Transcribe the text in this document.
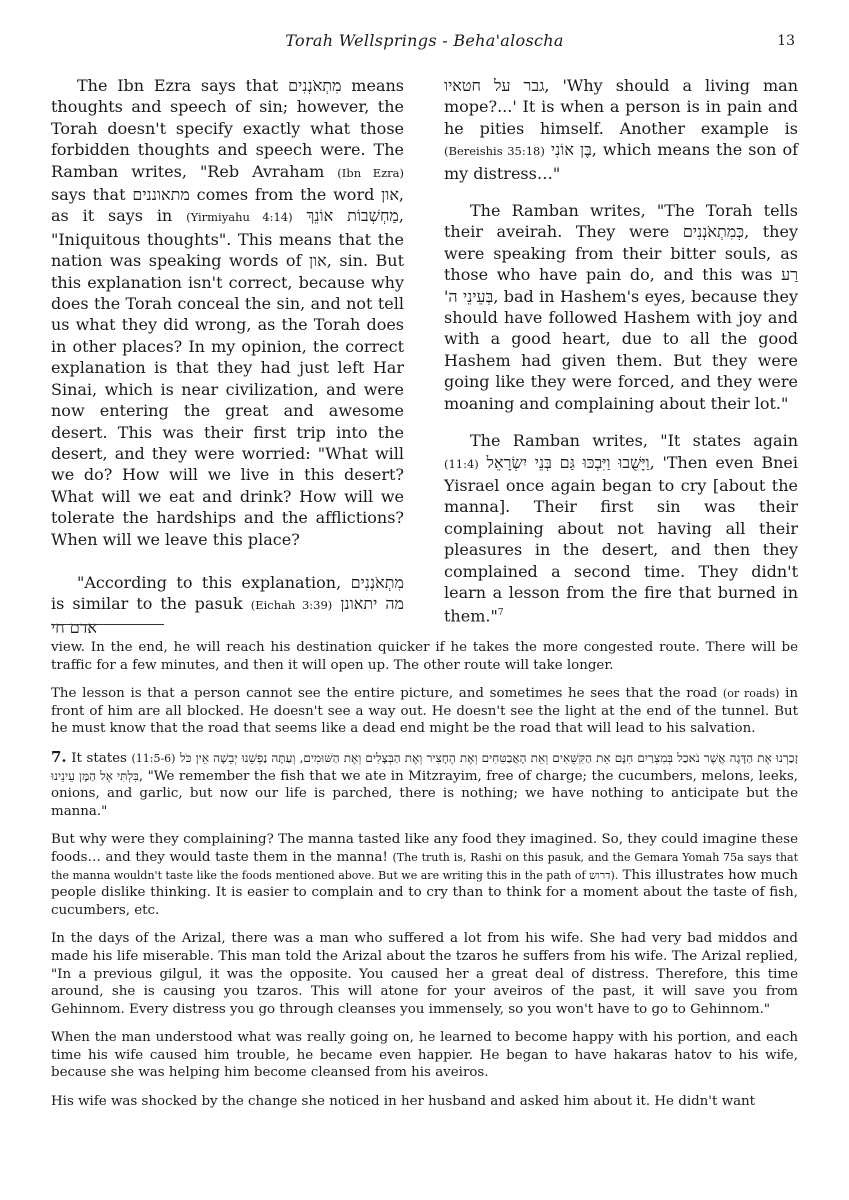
Torah Wellsprings - Beha'aloscha	13

The Ibn Ezra says that מִתְאֹנְנִים means thoughts and speech of sin; however, the Torah doesn't specify exactly what those forbidden thoughts and speech were. The Ramban writes, "Reb Avraham (Ibn Ezra) says that מתאוננים comes from the word און, as it says in (Yirmiyahu 4:14) מַחְשְׁבוֹת אוֹנֵךְ, "Iniquitous thoughts". This means that the nation was speaking words of און, sin. But this explanation isn't correct, because why does the Torah conceal the sin, and not tell us what they did wrong, as the Torah does in other places? In my opinion, the correct explanation is that they had just left Har Sinai, which is near civilization, and were now entering the great and awesome desert. This was their first trip into the desert, and they were worried: "What will we do? How will we live in this desert? What will we eat and drink? How will we tolerate the hardships and the afflictions? When will we leave this place?

"According to this explanation, מִתְאֹנְנִים is similar to the pasuk (Eichah 3:39) מה יתאונן אדם חי

גבר על חטאיו, 'Why should a living man mope?...' It is when a person is in pain and he pities himself. Another example is (Bereishis 35:18) בֶּן אוֹנִי, which means the son of my distress…"

The Ramban writes, "The Torah tells their aveirah. They were כְּמִתְאֹנְנִים, they were speaking from their bitter souls, as those who have pain do, and this was רַע בְּעֵינֵי ה', bad in Hashem's eyes, because they should have followed Hashem with joy and with a good heart, due to all the good Hashem had given them. But they were going like they were forced, and they were moaning and complaining about their lot."

The Ramban writes, "It states again (11:4) וַיָּשֻׁבוּ וַיִּבְכּוּ גַּם בְּנֵי יִשְׂרָאֵל, 'Then even Bnei Yisrael once again began to cry [about the manna]. Their first sin was their complaining about not having all their pleasures in the desert, and then they complained a second time. They didn't learn a lesson from the fire that burned in them."$^7$

view. In the end, he will reach his destination quicker if he takes the more congested route. There will be traffic for a few minutes, and then it will open up. The other route will take longer.

The lesson is that a person cannot see the entire picture, and sometimes he sees that the road (or roads) in front of him are all blocked. He doesn't see a way out. He doesn't see the light at the end of the tunnel. But he must know that the road that seems like a dead end might be the road that will lead to his salvation.

7. It states (11:5-6) זָכַרְנוּ אֶת הַדָּגָה אֲשֶׁר נֹאכַל בְּמִצְרַיִם חִנָּם אֵת הַקִּשֻּׁאִים וְאֵת הָאֲבַטִּחִים וְאֶת הֶחָצִיר וְאֶת הַבְּצָלִים וְאֶת הַשּׁוּמִים, וְעַתָּה נַפְשֵׁנוּ יְבֵשָׁה אֵין כֹּל בִּלְתִּי אֶל הַמָּן עֵינֵינוּ, "We remember the fish that we ate in Mitzrayim, free of charge; the cucumbers, melons, leeks, onions, and garlic, but now our life is parched, there is nothing; we have nothing to anticipate but the manna."

But why were they complaining? The manna tasted like any food they imagined. So, they could imagine these foods… and they would taste them in the manna! (The truth is, Rashi on this pasuk, and the Gemara Yomah 75a says that the manna wouldn't taste like the foods mentioned above. But we are writing this in the path of דרוש). This illustrates how much people dislike thinking. It is easier to complain and to cry than to think for a moment about the taste of fish, cucumbers, etc.

In the days of the Arizal, there was a man who suffered a lot from his wife. She had very bad middos and made his life miserable. This man told the Arizal about the tzaros he suffers from his wife. The Arizal replied, "In a previous gilgul, it was the opposite. You caused her a great deal of distress. Therefore, this time around, she is causing you tzaros. This will atone for your aveiros of the past, it will save you from Gehinnom. Every distress you go through cleanses you immensely, so you won't have to go to Gehinnom."

When the man understood what was really going on, he learned to become happy with his portion, and each time his wife caused him trouble, he became even happier. He began to have hakaras hatov to his wife, because she was helping him become cleansed from his aveiros.

His wife was shocked by the change she noticed in her husband and asked him about it. He didn't want
